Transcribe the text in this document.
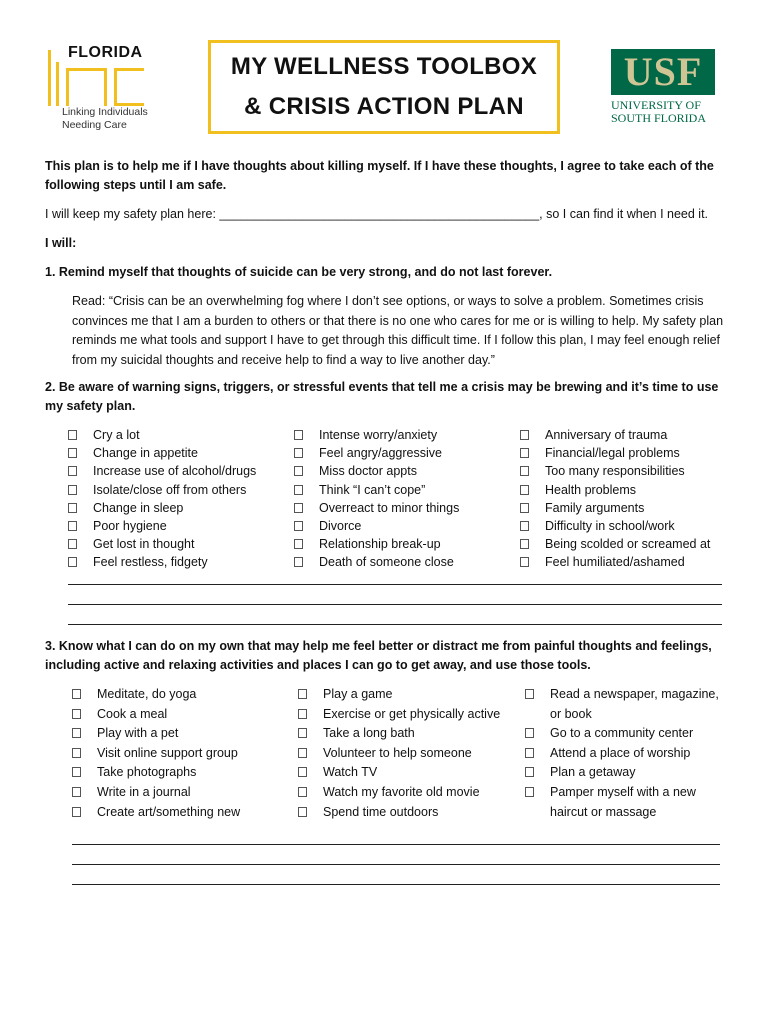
FLORIDA
Linking Individuals
Needing Care
MY WELLNESS TOOLBOX
& CRISIS ACTION PLAN
USF
UNIVERSITY OF
SOUTH FLORIDA
This plan is to help me if I have thoughts about killing myself. If I have these thoughts, I agree to take each of the following steps until I am safe.
I will keep my safety plan here: ______________________________________________, so I can find it when I need it.
I will:
1. Remind myself that thoughts of suicide can be very strong, and do not last forever.
Read: “Crisis can be an overwhelming fog where I don’t see options, or ways to solve a problem. Sometimes crisis convinces me that I am a burden to others or that there is no one who cares for me or is willing to help. My safety plan reminds me what tools and support I have to get through this difficult time. If I follow this plan, I may feel enough relief from my suicidal thoughts and receive help to find a way to live another day.”
2. Be aware of warning signs, triggers, or stressful events that tell me a crisis may be brewing and it’s time to use my safety plan.
Cry a lot
Change in appetite
Increase use of alcohol/drugs
Isolate/close off from others
Change in sleep
Poor hygiene
Get lost in thought
Feel restless, fidgety
Intense worry/anxiety
Feel angry/aggressive
Miss doctor appts
Think “I can’t cope”
Overreact to minor things
Divorce
Relationship break-up
Death of someone close
Anniversary of trauma
Financial/legal problems
Too many responsibilities
Health problems
Family arguments
Difficulty in school/work
Being scolded or screamed at
Feel humiliated/ashamed
3. Know what I can do on my own that may help me feel better or distract me from painful thoughts and feelings, including active and relaxing activities and places I can go to get away, and use those tools.
Meditate, do yoga
Cook a meal
Play with a pet
Visit online support group
Take photographs
Write in a journal
Create art/something new
Play a game
Exercise or get physically active
Take a long bath
Volunteer to help someone
Watch TV
Watch my favorite old movie
Spend time outdoors
Read a newspaper, magazine,
or book
Go to a community center
Attend a place of worship
Plan a getaway
Pamper myself with a new
haircut or massage
